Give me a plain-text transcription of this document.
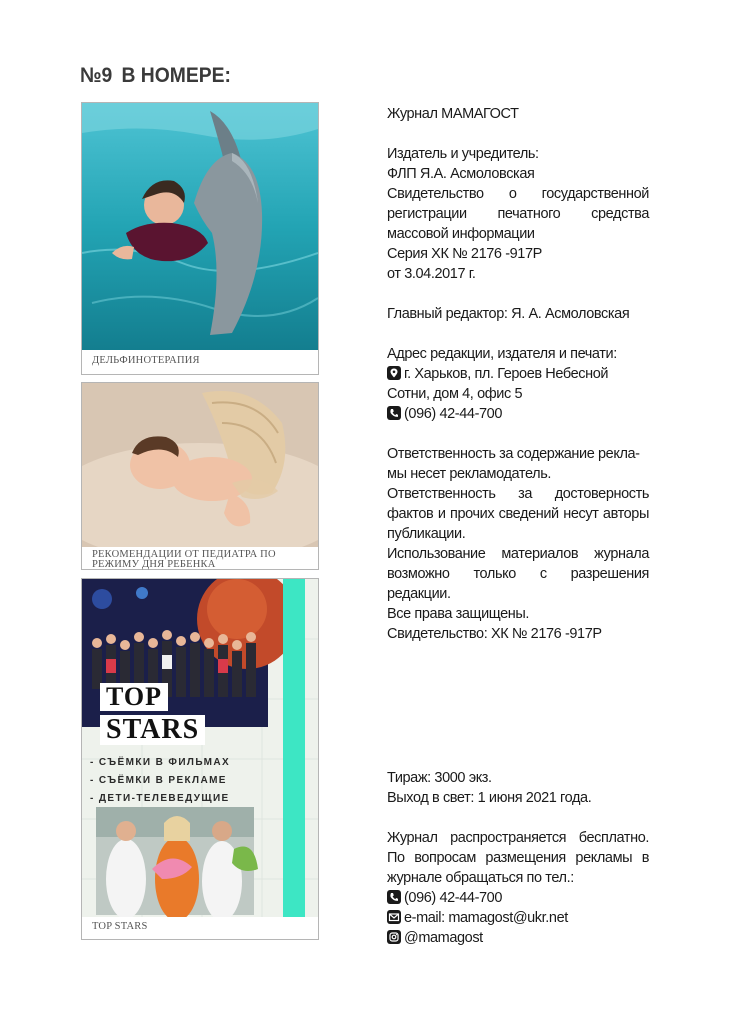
№9 В НОМЕРЕ:
ДЕЛЬФИНОТЕРАПИЯ
РЕКОМЕНДАЦИИ ОТ ПЕДИАТРА ПО РЕЖИМУ ДНЯ РЕБЕНКА
TOP
STARS
- СЪЁМКИ В ФИЛЬМАХ
- СЪЁМКИ В РЕКЛАМЕ
- ДЕТИ-ТЕЛЕВЕДУЩИЕ
TOP STARS

Журнал МАМАГОСТ

Издатель и учредитель:

ФЛП Я.А. Асмоловская

Свидетельство о государственной регистрации печатного средства массовой информации

Серия ХК № 2176 -917Р

от 3.04.2017 г.

Главный редактор: Я. А. Асмоловская

Адрес редакции, издателя и печати:

г. Харьков, пл. Героев Небесной

Сотни, дом 4, офис 5

(096) 42-44-700

Ответственность за содержание рекла-

мы несет рекламодатель.

Ответственность за достоверность фактов и прочих сведений несут авторы публикации.

Использование материалов журнала возможно только с разрешения редакции.

Все права защищены.

Свидетельство: ХК № 2176 -917Р

Тираж: 3000 экз.

Выход в свет: 1 июня 2021 года.

Журнал распространяется бесплатно. По вопросам размещения рекламы в журнале обращаться по тел.:

(096) 42-44-700

e-mail: mamagost@ukr.net

@mamagost
